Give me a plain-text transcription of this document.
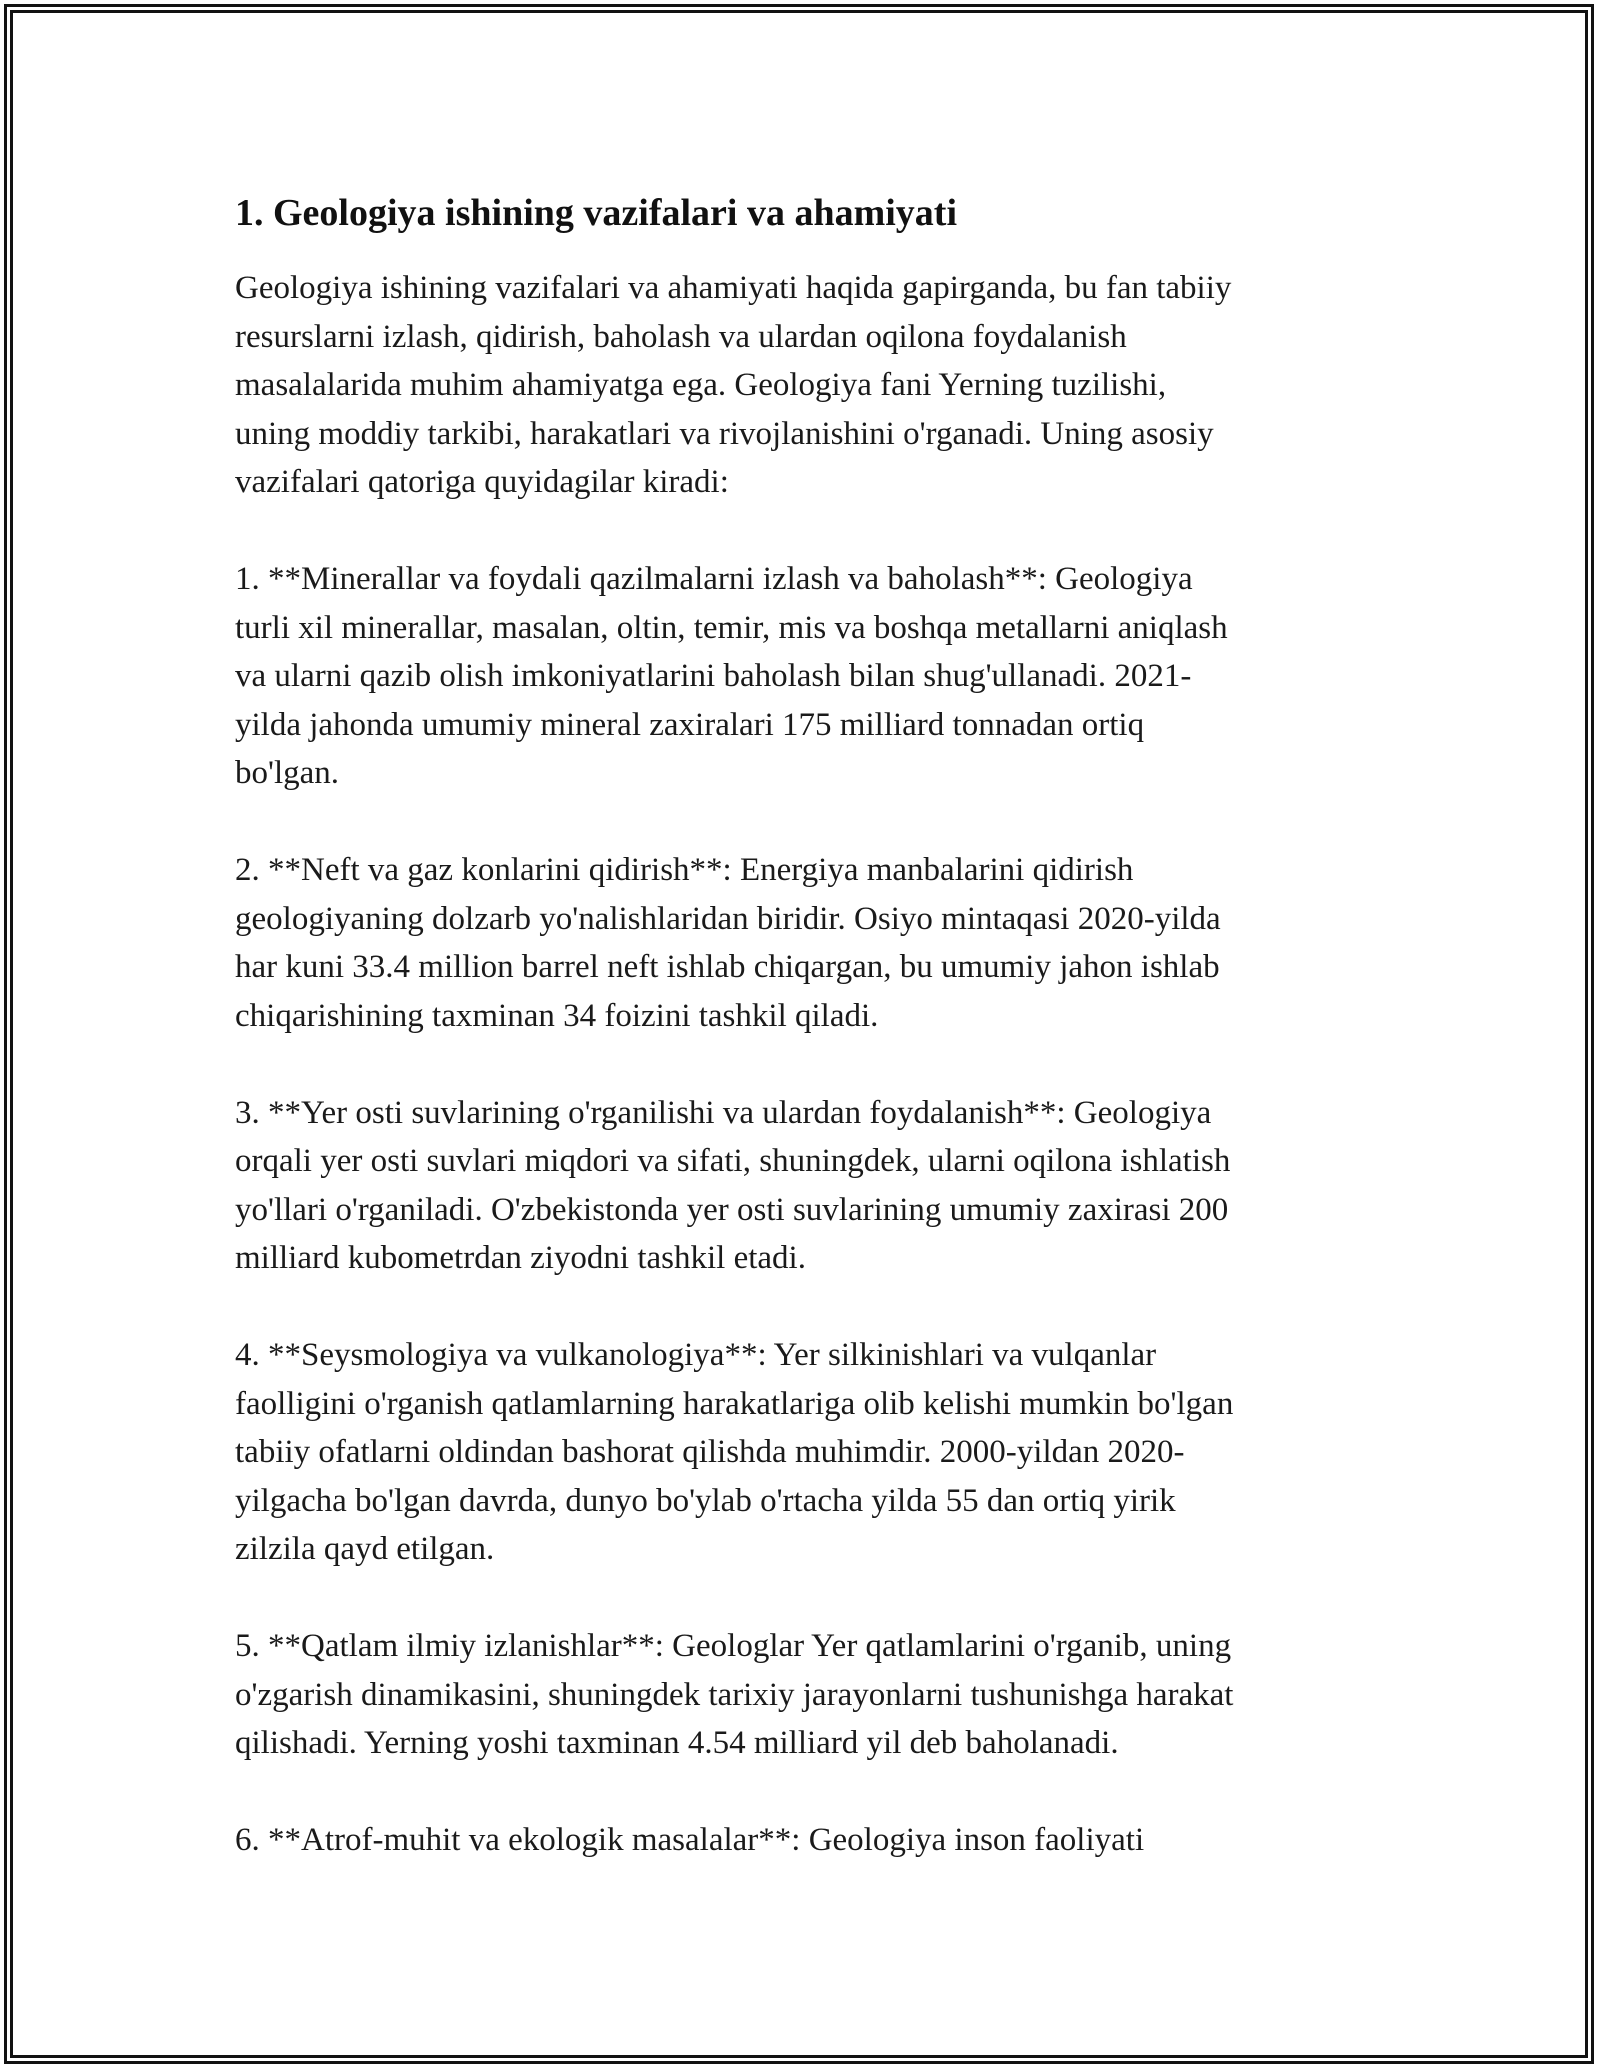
1. Geologiya ishining vazifalari va ahamiyati

Geologiya ishining vazifalari va ahamiyati haqida gapirganda, bu fan tabiiy
resurslarni izlash, qidirish, baholash va ulardan oqilona foydalanish
masalalarida muhim ahamiyatga ega. Geologiya fani Yerning tuzilishi,
uning moddiy tarkibi, harakatlari va rivojlanishini o'rganadi. Uning asosiy
vazifalari qatoriga quyidagilar kiradi:

1. **Minerallar va foydali qazilmalarni izlash va baholash**: Geologiya
turli xil minerallar, masalan, oltin, temir, mis va boshqa metallarni aniqlash
va ularni qazib olish imkoniyatlarini baholash bilan shug'ullanadi. 2021-
yilda jahonda umumiy mineral zaxiralari 175 milliard tonnadan ortiq
bo'lgan.

2. **Neft va gaz konlarini qidirish**: Energiya manbalarini qidirish
geologiyaning dolzarb yo'nalishlaridan biridir. Osiyo mintaqasi 2020-yilda
har kuni 33.4 million barrel neft ishlab chiqargan, bu umumiy jahon ishlab
chiqarishining taxminan 34 foizini tashkil qiladi.

3. **Yer osti suvlarining o'rganilishi va ulardan foydalanish**: Geologiya
orqali yer osti suvlari miqdori va sifati, shuningdek, ularni oqilona ishlatish
yo'llari o'rganiladi. O'zbekistonda yer osti suvlarining umumiy zaxirasi 200
milliard kubometrdan ziyodni tashkil etadi.

4. **Seysmologiya va vulkanologiya**: Yer silkinishlari va vulqanlar
faolligini o'rganish qatlamlarning harakatlariga olib kelishi mumkin bo'lgan
tabiiy ofatlarni oldindan bashorat qilishda muhimdir. 2000-yildan 2020-
yilgacha bo'lgan davrda, dunyo bo'ylab o'rtacha yilda 55 dan ortiq yirik
zilzila qayd etilgan.

5. **Qatlam ilmiy izlanishlar**: Geologlar Yer qatlamlarini o'rganib, uning
o'zgarish dinamikasini, shuningdek tarixiy jarayonlarni tushunishga harakat
qilishadi. Yerning yoshi taxminan 4.54 milliard yil deb baholanadi.

6. **Atrof-muhit va ekologik masalalar**: Geologiya inson faoliyati
